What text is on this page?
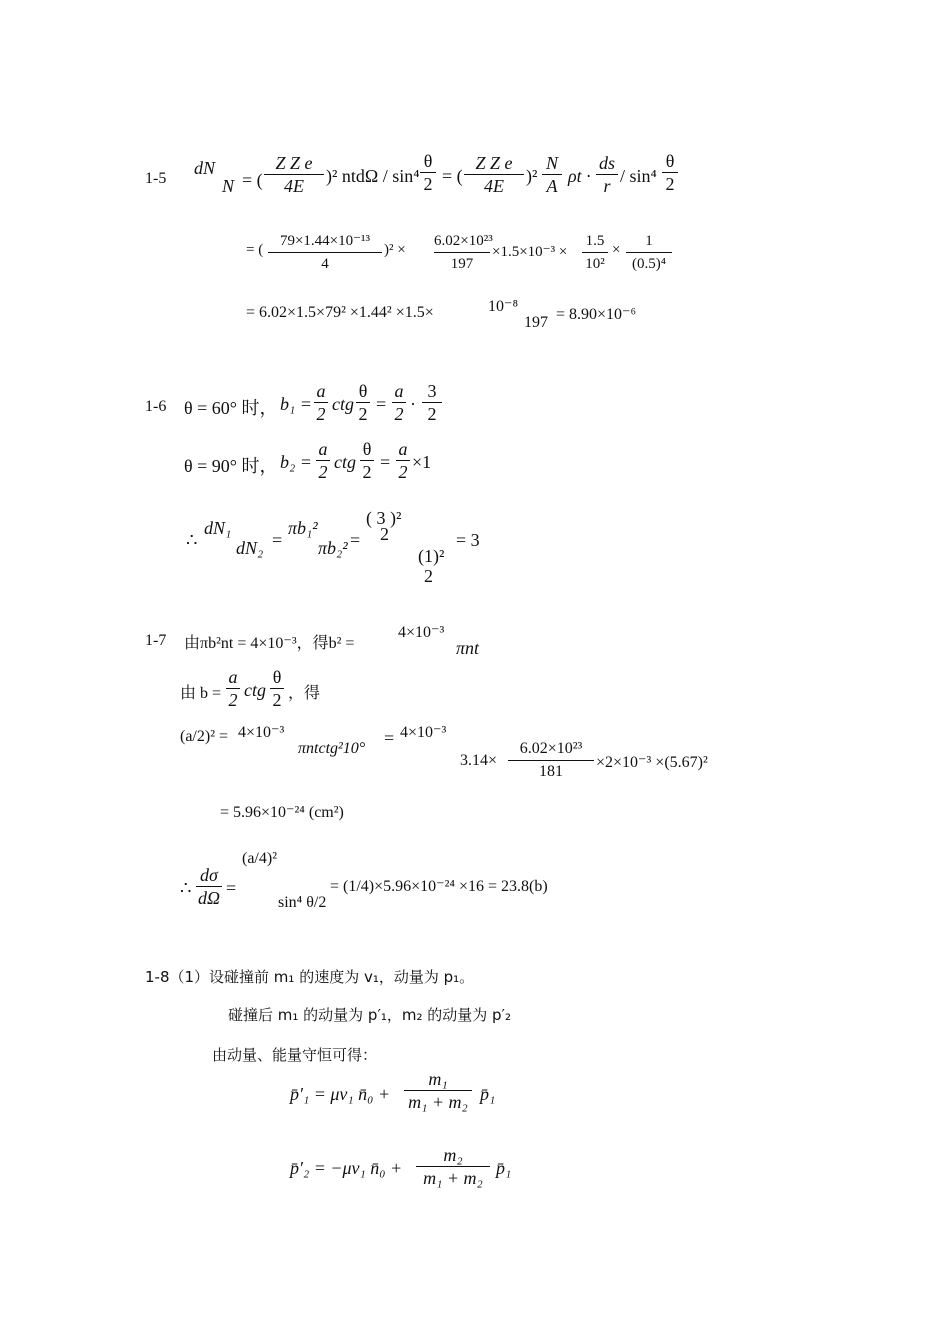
1-5
dN
N = (
Z Z e
4E	)² ntdΩ / sin⁴
θ
2 = (
Z Z e
4E	)²
N
A ρt ·
ds
r / sin⁴
θ
2
= (
79×1.44×10⁻¹³
4
)² ×
6.02×10²³
197
×1.5×10⁻³ ×
1.5
10²
×
1
(0.5)⁴
= 6.02×1.5×79² ×1.44² ×1.5×	10⁻⁸
197 = 8.90×10⁻⁶
1-6 θ = 60° 时， b₁ =
a
2 ctg
θ
2 =
a
2 ·
3
2
θ = 90° 时， b₂ =
a
2 ctg
θ
2 =
a
2 ×1
∴
dN₁
dN₂ =
πb₁²
πb₂² =
( 3 )²
2
(1)²
2
= 3
1-7 由πb²nt = 4×10⁻³，得b² =
4×10⁻³
πnt
由 b =
a
2 ctg
θ
2 ，得
(a/2)² = 4×10⁻³
πntctg²10°
= 4×10⁻³
3.14×
6.02×10²³
181
×2×10⁻³ ×(5.67)²
= 5.96×10⁻²⁴ (cm²)
∴
dσ
dΩ =
(a/4)²
sin⁴ θ/2
= (1/4)×5.96×10⁻²⁴ ×16 = 23.8(b)
1-8（1）设碰撞前 m₁ 的速度为 v₁，动量为 p₁。
碰撞后 m₁ 的动量为 p′₁，m₂ 的动量为 p′₂
由动量、能量守恒可得：
p̄′₁ = μv₁ n̄₀ +
m₁
m₁ + m₂ p̄₁
p̄′₂ = −μv₁ n̄₀ +
m₂
m₁ + m₂ p̄₁
